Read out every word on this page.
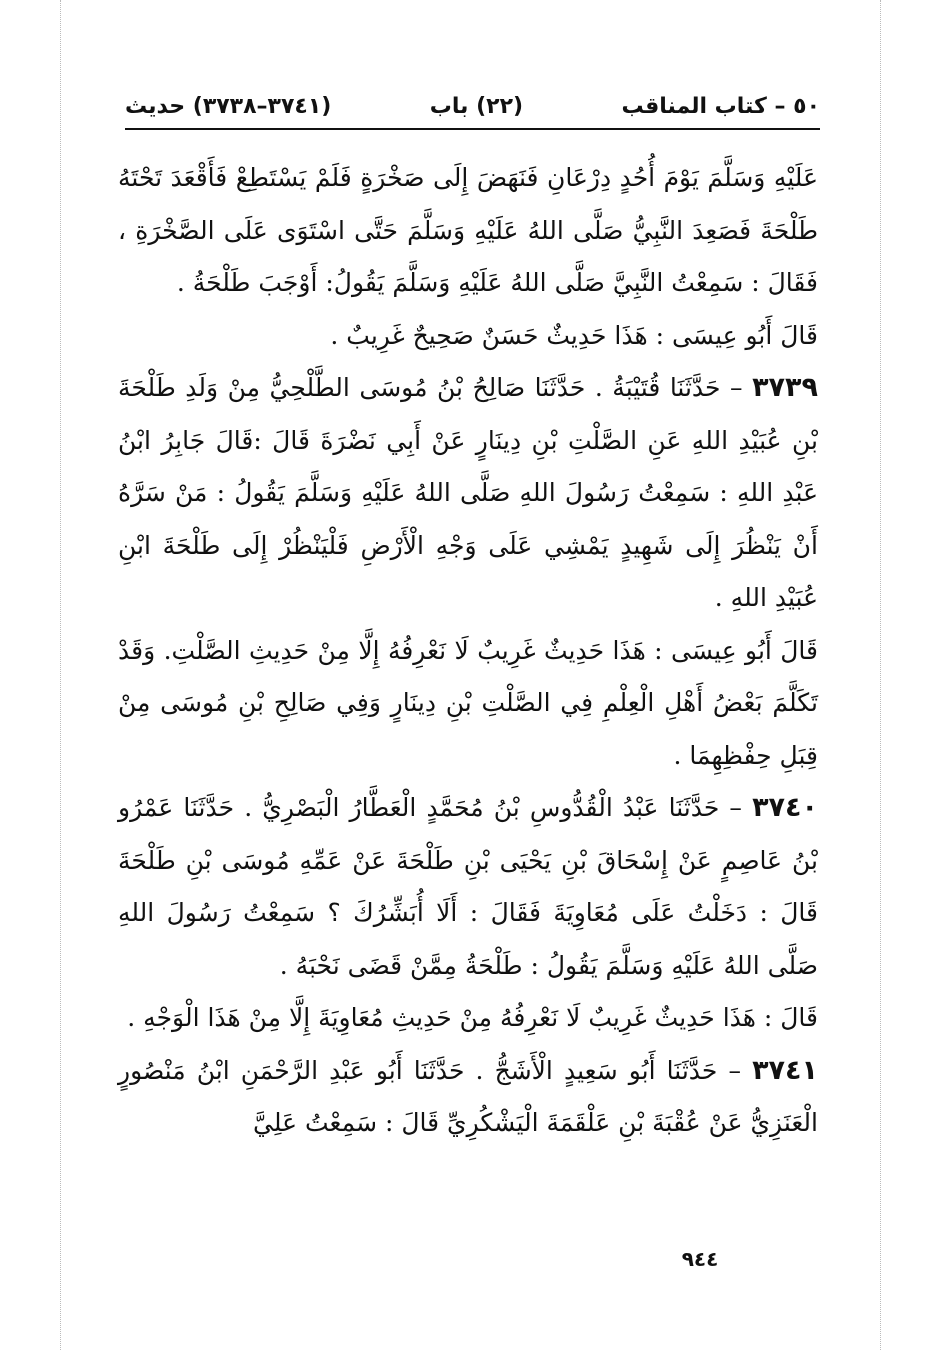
٥٠ – كتاب المناقب
(٢٢) باب
(٣٧٤١–٣٧٣٨) حديث

عَلَيْهِ وَسَلَّمَ يَوْمَ أُحُدٍ دِرْعَانِ فَنَهَضَ إِلَى صَخْرَةٍ فَلَمْ يَسْتَطِعْ فَأَقْعَدَ تَحْتَهُ طَلْحَةَ فَصَعِدَ النَّبِيُّ صَلَّى اللهُ عَلَيْهِ وَسَلَّمَ حَتَّى اسْتَوَى عَلَى الصَّخْرَةِ ، فَقَالَ : سَمِعْتُ النَّبِيَّ صَلَّى اللهُ عَلَيْهِ وَسَلَّمَ يَقُولُ: أَوْجَبَ طَلْحَةُ .

قَالَ أَبُو عِيسَى : هَذَا حَدِيثٌ حَسَنٌ صَحِيحٌ غَرِيبٌ .

٣٧٣٩ – حَدَّثَنَا قُتَيْبَةُ . حَدَّثَنَا صَالِحُ بْنُ مُوسَى الطَّلْحِيُّ مِنْ وَلَدِ طَلْحَةَ بْنِ عُبَيْدِ اللهِ عَنِ الصَّلْتِ بْنِ دِينَارٍ عَنْ أَبِي نَضْرَةَ قَالَ :قَالَ جَابِرُ ابْنُ عَبْدِ اللهِ : سَمِعْتُ رَسُولَ اللهِ صَلَّى اللهُ عَلَيْهِ وَسَلَّمَ يَقُولُ : مَنْ سَرَّهُ أَنْ يَنْظُرَ إِلَى شَهِيدٍ يَمْشِي عَلَى وَجْهِ الْأَرْضِ فَلْيَنْظُرْ إِلَى طَلْحَةَ ابْنِ عُبَيْدِ اللهِ .

قَالَ أَبُو عِيسَى : هَذَا حَدِيثٌ غَرِيبٌ لَا نَعْرِفُهُ إِلَّا مِنْ حَدِيثِ الصَّلْتِ. وَقَدْ تَكَلَّمَ بَعْضُ أَهْلِ الْعِلْمِ فِي الصَّلْتِ بْنِ دِينَارٍ وَفِي صَالِحِ بْنِ مُوسَى مِنْ قِبَلِ حِفْظِهِمَا .

٣٧٤٠ – حَدَّثَنَا عَبْدُ الْقُدُّوسِ بْنُ مُحَمَّدٍ الْعَطَّارُ الْبَصْرِيُّ . حَدَّثَنَا عَمْرُو بْنُ عَاصِمٍ عَنْ إِسْحَاقَ بْنِ يَحْيَى بْنِ طَلْحَةَ عَنْ عَمِّهِ مُوسَى بْنِ طَلْحَةَ قَالَ : دَخَلْتُ عَلَى مُعَاوِيَةَ فَقَالَ : أَلَا أُبَشِّرُكَ ؟ سَمِعْتُ رَسُولَ اللهِ صَلَّى اللهُ عَلَيْهِ وَسَلَّمَ يَقُولُ : طَلْحَةُ مِمَّنْ قَضَى نَحْبَهُ .

قَالَ : هَذَا حَدِيثٌ غَرِيبٌ لَا نَعْرِفُهُ مِنْ حَدِيثِ مُعَاوِيَةَ إِلَّا مِنْ هَذَا الْوَجْهِ .

٣٧٤١ – حَدَّثَنَا أَبُو سَعِيدٍ الْأَشَجُّ . حَدَّثَنَا أَبُو عَبْدِ الرَّحْمَنِ ابْنُ مَنْصُورٍ الْعَنَزِيُّ عَنْ عُقْبَةَ بْنِ عَلْقَمَةَ الْيَشْكُرِيِّ قَالَ : سَمِعْتُ عَلِيَّ

٩٤٤
